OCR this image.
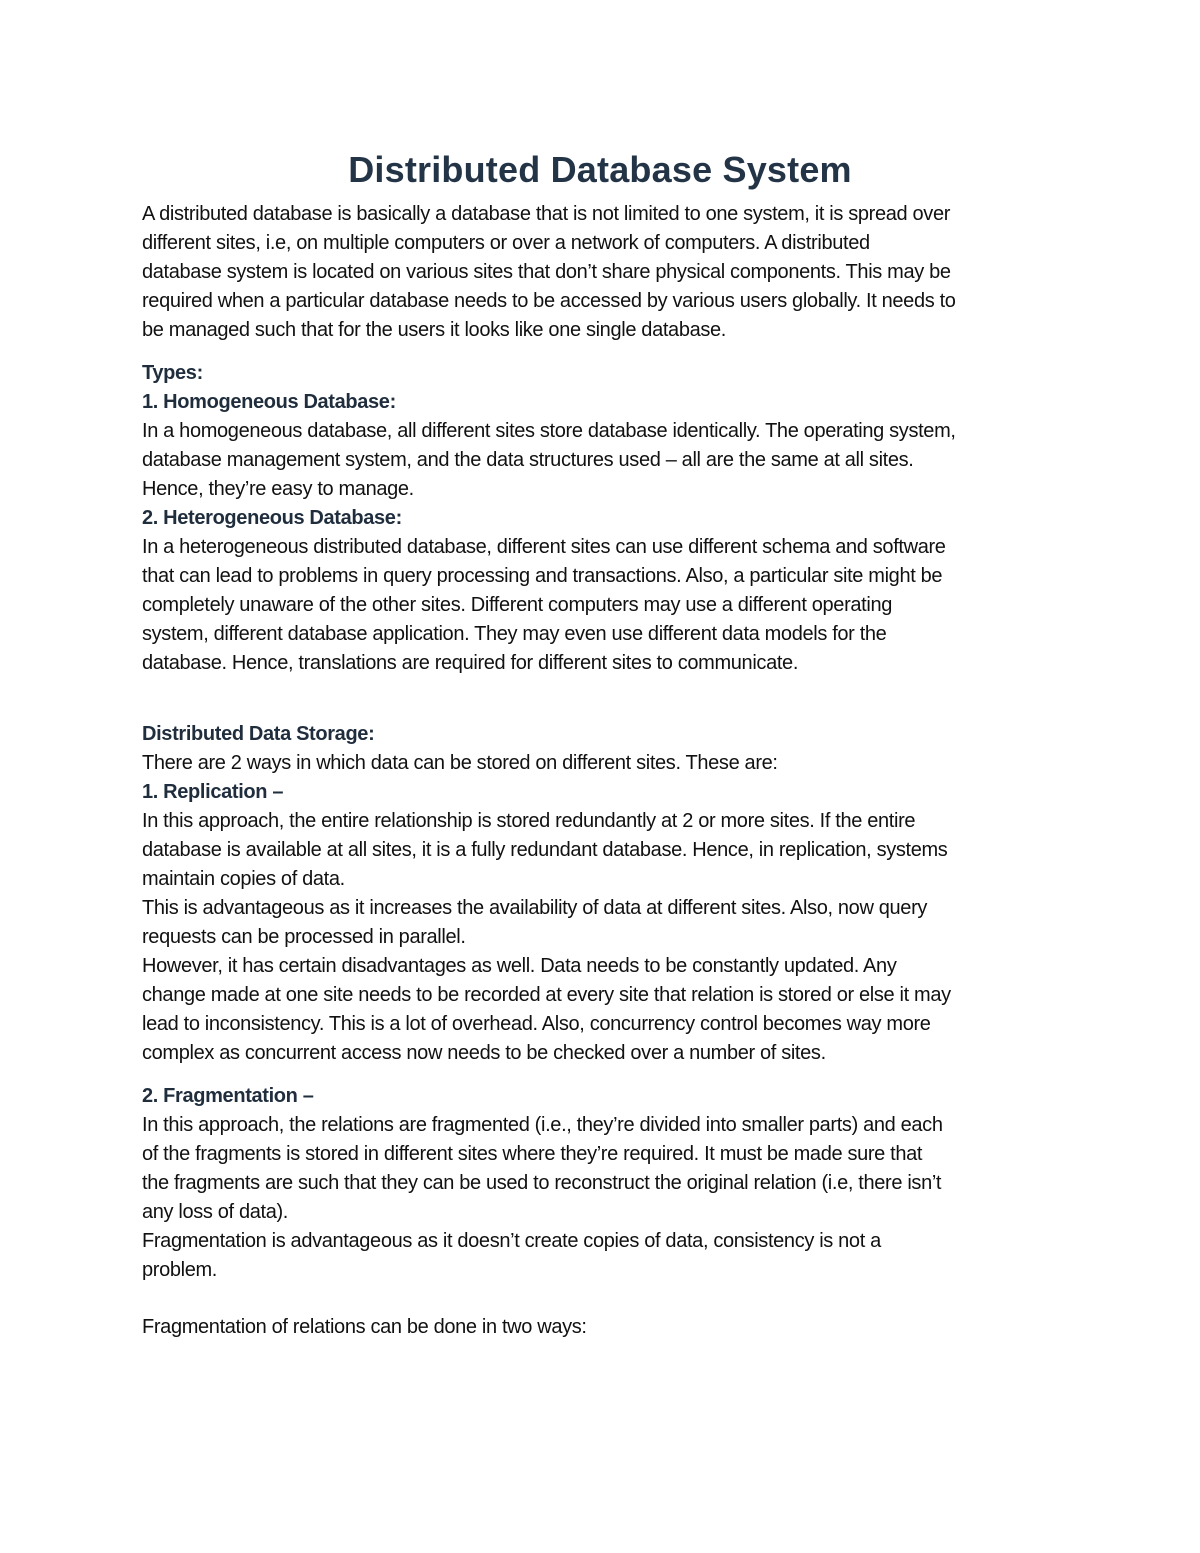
Distributed Database System
A distributed database is basically a database that is not limited to one system, it is spread over
different sites, i.e, on multiple computers or over a network of computers. A distributed
database system is located on various sites that don’t share physical components. This may be
required when a particular database needs to be accessed by various users globally. It needs to
be managed such that for the users it looks like one single database.
Types:
1. Homogeneous Database:
In a homogeneous database, all different sites store database identically. The operating system,
database management system, and the data structures used – all are the same at all sites.
Hence, they’re easy to manage.
2. Heterogeneous Database:
In a heterogeneous distributed database, different sites can use different schema and software
that can lead to problems in query processing and transactions. Also, a particular site might be
completely unaware of the other sites. Different computers may use a different operating
system, different database application. They may even use different data models for the
database. Hence, translations are required for different sites to communicate.
Distributed Data Storage:
There are 2 ways in which data can be stored on different sites. These are:
1. Replication –
In this approach, the entire relationship is stored redundantly at 2 or more sites. If the entire
database is available at all sites, it is a fully redundant database. Hence, in replication, systems
maintain copies of data.
This is advantageous as it increases the availability of data at different sites. Also, now query
requests can be processed in parallel.
However, it has certain disadvantages as well. Data needs to be constantly updated. Any
change made at one site needs to be recorded at every site that relation is stored or else it may
lead to inconsistency. This is a lot of overhead. Also, concurrency control becomes way more
complex as concurrent access now needs to be checked over a number of sites.
2. Fragmentation –
In this approach, the relations are fragmented (i.e., they’re divided into smaller parts) and each
of the fragments is stored in different sites where they’re required. It must be made sure that
the fragments are such that they can be used to reconstruct the original relation (i.e, there isn’t
any loss of data).
Fragmentation is advantageous as it doesn’t create copies of data, consistency is not a
problem.
Fragmentation of relations can be done in two ways:
